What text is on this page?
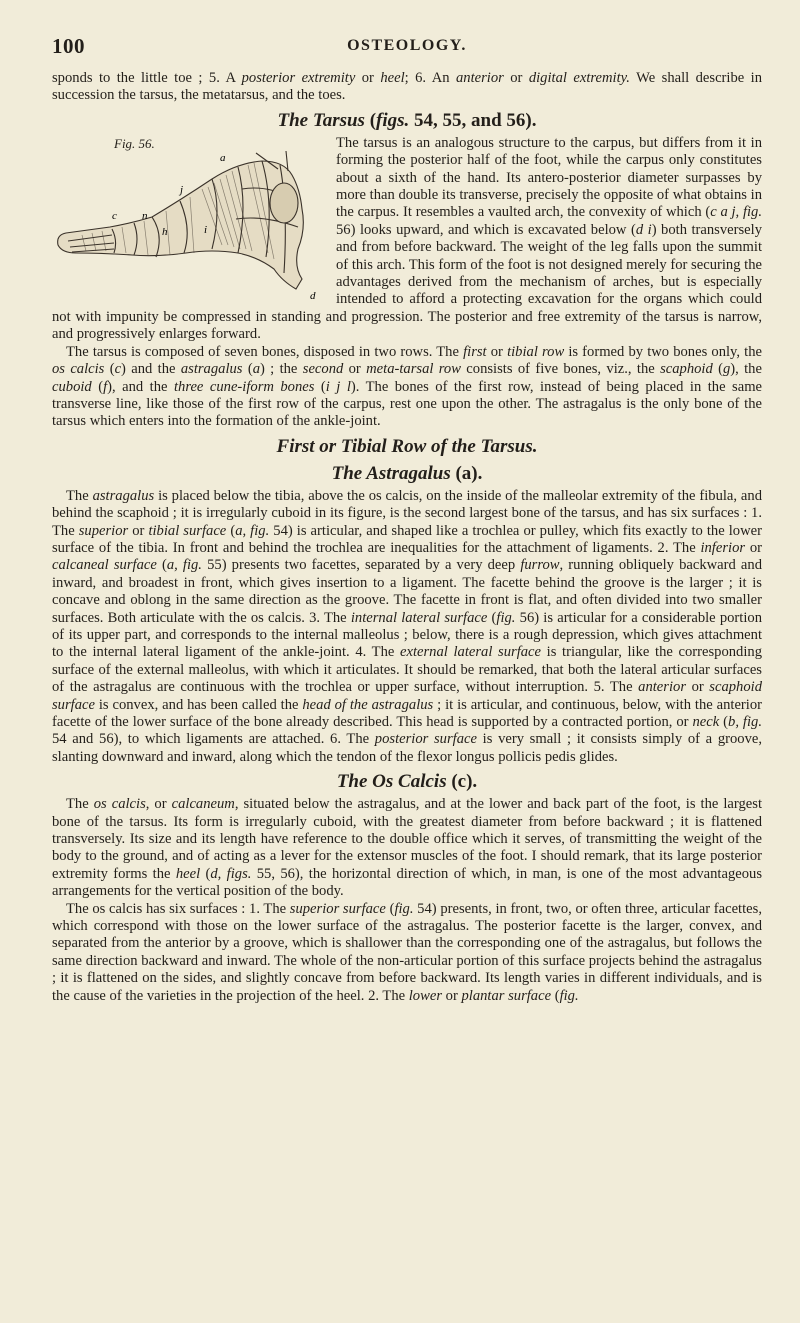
100	OSTEOLOGY.

sponds to the little toe ; 5. A posterior extremity or heel; 6. An anterior or digital extremity. We shall describe in succession the tarsus, the metatarsus, and the toes.

The Tarsus (figs. 54, 55, and 56).

Fig. 56.
a
j
c n
h	i
d
The tarsus is an analogous structure to the carpus, but differs from it in forming the posterior half of the foot, while the carpus only constitutes about a sixth of the hand. Its antero-posterior diameter surpasses by more than double its transverse, precisely the opposite of what obtains in the carpus. It resembles a vaulted arch, the convexity of which (c a j, fig. 56) looks upward, and which is excavated below (d i) both transversely and from before backward. The weight of the leg falls upon the summit of this arch. This form of the foot is not designed merely for securing the advantages derived from the mechanism of arches, but is especially intended to afford a protecting excavation for the organs which could not with impunity be compressed in standing and progression. The posterior and free extremity of the tarsus is narrow, and progressively enlarges forward.

The tarsus is composed of seven bones, disposed in two rows. The first or tibial row is formed by two bones only, the os calcis (c) and the astragalus (a) ; the second or meta-tarsal row consists of five bones, viz., the scaphoid (g), the cuboid (f), and the three cune-iform bones (i j l). The bones of the first row, instead of being placed in the same transverse line, like those of the first row of the carpus, rest one upon the other. The astragalus is the only bone of the tarsus which enters into the formation of the ankle-joint.

First or Tibial Row of the Tarsus.
The Astragalus (a).

The astragalus is placed below the tibia, above the os calcis, on the inside of the malleolar extremity of the fibula, and behind the scaphoid ; it is irregularly cuboid in its figure, is the second largest bone of the tarsus, and has six surfaces : 1. The superior or tibial surface (a, fig. 54) is articular, and shaped like a trochlea or pulley, which fits exactly to the lower surface of the tibia. In front and behind the trochlea are inequalities for the attachment of ligaments. 2. The inferior or calcaneal surface (a, fig. 55) presents two facettes, separated by a very deep furrow, running obliquely backward and inward, and broadest in front, which gives insertion to a ligament. The facette behind the groove is the larger ; it is concave and oblong in the same direction as the groove. The facette in front is flat, and often divided into two smaller surfaces. Both articulate with the os calcis. 3. The internal lateral surface (fig. 56) is articular for a considerable portion of its upper part, and corresponds to the internal malleolus ; below, there is a rough depression, which gives attachment to the internal lateral ligament of the ankle-joint. 4. The external lateral surface is triangular, like the corresponding surface of the external malleolus, with which it articulates. It should be remarked, that both the lateral articular surfaces of the astragalus are continuous with the trochlea or upper surface, without interruption. 5. The anterior or scaphoid surface is convex, and has been called the head of the astragalus ; it is articular, and continuous, below, with the anterior facette of the lower surface of the bone already described. This head is supported by a contracted portion, or neck (b, fig. 54 and 56), to which ligaments are attached. 6. The posterior surface is very small ; it consists simply of a groove, slanting downward and inward, along which the tendon of the flexor longus pollicis pedis glides.

The Os Calcis (c).

The os calcis, or calcaneum, situated below the astragalus, and at the lower and back part of the foot, is the largest bone of the tarsus. Its form is irregularly cuboid, with the greatest diameter from before backward ; it is flattened transversely. Its size and its length have reference to the double office which it serves, of transmitting the weight of the body to the ground, and of acting as a lever for the extensor muscles of the foot. I should remark, that its large posterior extremity forms the heel (d, figs. 55, 56), the horizontal direction of which, in man, is one of the most advantageous arrangements for the vertical position of the body.

The os calcis has six surfaces : 1. The superior surface (fig. 54) presents, in front, two, or often three, articular facettes, which correspond with those on the lower surface of the astragalus. The posterior facette is the larger, convex, and separated from the anterior by a groove, which is shallower than the corresponding one of the astragalus, but follows the same direction backward and inward. The whole of the non-articular portion of this surface projects behind the astragalus ; it is flattened on the sides, and slightly concave from before backward. Its length varies in different individuals, and is the cause of the varieties in the projection of the heel. 2. The lower or plantar surface (fig.
